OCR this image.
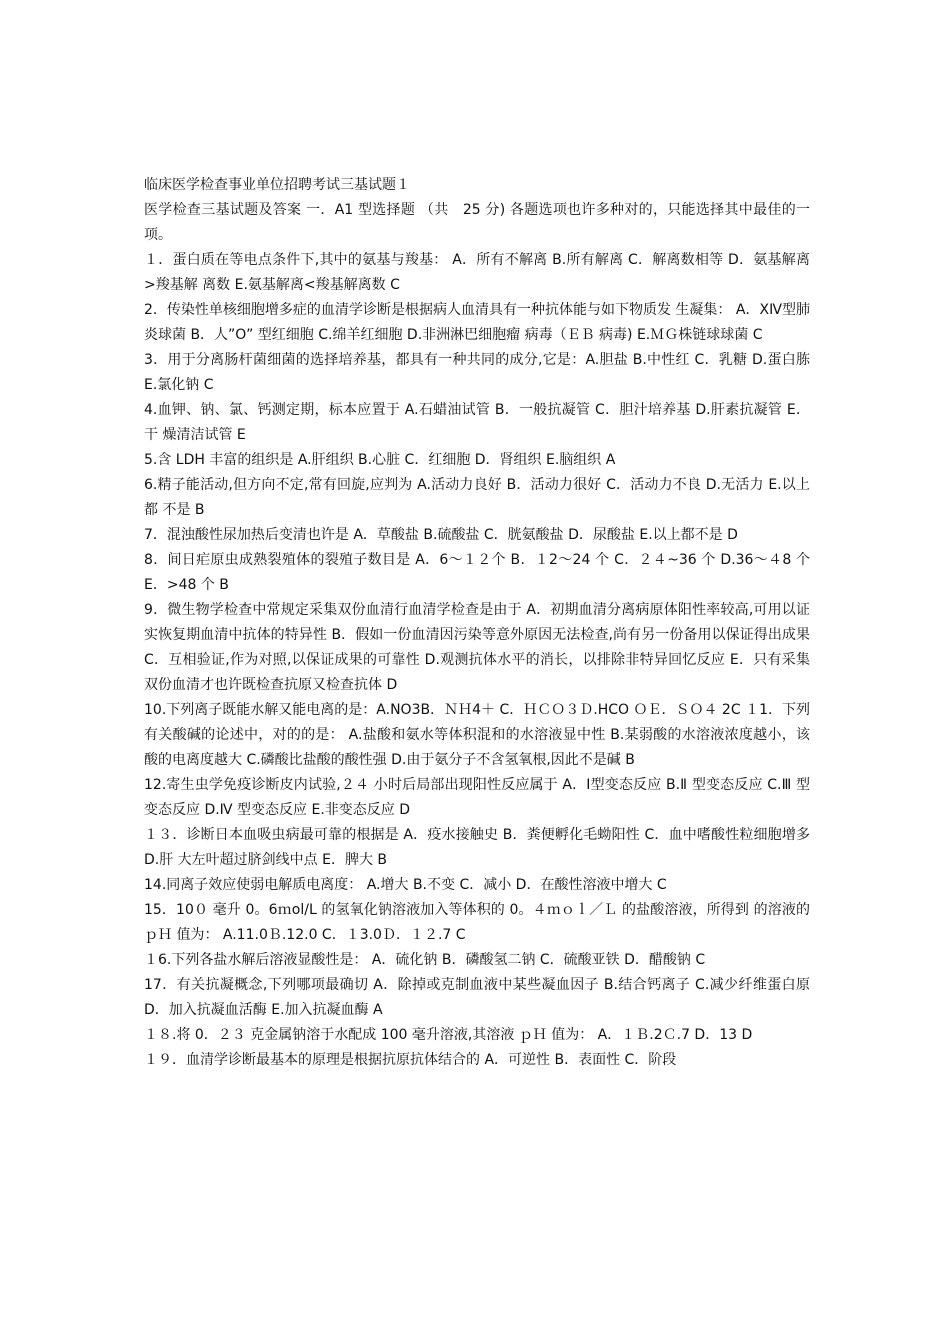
临床医学检查事业单位招聘考试三基试题１

医学检查三基试题及答案 一．A1 型选择题 （共　25 分) 各题选项也许多种对的，只能选择其中最佳的一项。

１．蛋白质在等电点条件下,其中的氨基与羧基： A．所有不解离 B.所有解离 C．解离数相等 D．氨基解离>羧基解 离数 E.氨基解离<羧基解离数 C

2．传染性单核细胞增多症的血清学诊断是根据病人血清具有一种抗体能与如下物质发 生凝集： A．XⅣ型肺炎球菌 B．人”O” 型红细胞 C.绵羊红细胞 D.非洲淋巴细胞瘤 病毒（ＥＢ 病毒) E.ＭＧ株链球球菌 C

3．用于分离肠杆菌细菌的选择培养基，都具有一种共同的成分,它是：A.胆盐 B.中性红 C．乳糖 D.蛋白胨 E.氯化钠 C

4.血钾、钠、氯、钙测定期，标本应置于 A.石蜡油试管 B．一般抗凝管 C．胆汁培养基 D.肝素抗凝管 E．干 燥清洁试管 E

5.含 LDH 丰富的组织是 A.肝组织 B.心脏 C．红细胞 D．肾组织 E.脑组织 A

6.精子能活动,但方向不定,常有回旋,应判为 A.活动力良好 B．活动力很好 C．活动力不良 D.无活力 E.以上都 不是 B

7．混浊酸性尿加热后变清也许是 A．草酸盐 B.硫酸盐 C．胱氨酸盐 D．尿酸盐 E.以上都不是 D

8．间日疟原虫成熟裂殖体的裂殖子数目是 A．6～１２个 B．１2～24 个 C．２４~36 个 D.36～４8 个 E．>48 个 B

9．微生物学检查中常规定采集双份血清行血清学检查是由于 A．初期血清分离病原体阳性率较高,可用以证实恢复期血清中抗体的特异性 B．假如一份血清因污染等意外原因无法检查,尚有另一份备用以保证得出成果 C．互相验证,作为对照,以保证成果的可靠性 D.观测抗体水平的消长，以排除非特异回忆反应 E．只有采集双份血清才也许既检查抗原又检查抗体 D

10.下列离子既能水解又能电离的是：A.NO3B．ＮＨ4＋ C．ＨＣＯ３Ｄ.HCO ＯＥ．ＳＯ４ 2C １1．下列有关酸碱的论述中，对的的是： A.盐酸和氨水等体积混和的水溶液显中性 B.某弱酸的水溶液浓度越小，该酸的电离度越大 C.磷酸比盐酸的酸性强 D.由于氨分子不含氢氧根,因此不是碱 B

12.寄生虫学免疫诊断皮内试验,２４ 小时后局部出现阳性反应属于 A．Ⅰ型变态反应 B.Ⅱ 型变态反应 C.Ⅲ 型变态反应 D.Ⅳ 型变态反应 E.非变态反应 D

１３．诊断日本血吸虫病最可靠的根据是 A．疫水接触史 B．粪便孵化毛蚴阳性 C．血中嗜酸性粒细胞增多 D.肝 大左叶超过脐剑线中点 E．脾大 B

14.同离子效应使弱电解质电离度： A.增大 B.不变 C．减小 D．在酸性溶液中增大 C

15．10０ 毫升 0。6ｍol/L 的氢氧化钠溶液加入等体积的 0。４ｍｏｌ／Ｌ 的盐酸溶液，所得到 的溶液的 ｐＨ 值为： A.11.0Ｂ.12.0 C．１3.0Ｄ．１２.7 C

１6.下列各盐水解后溶液显酸性是： A．硫化钠 B．磷酸氢二钠 C．硫酸亚铁 D．醋酸钠 C

17．有关抗凝概念,下列哪项最确切 A．除掉或克制血液中某些凝血因子 B.结合钙离子 C.减少纤维蛋白原 D．加入抗凝血活酶 E.加入抗凝血酶 A

１８.将 0．２３ 克金属钠溶于水配成 100 毫升溶液,其溶液 ｐＨ 值为： A．１Ｂ.2Ｃ.7 D．13 D

１９．血清学诊断最基本的原理是根据抗原抗体结合的 A．可逆性 B．表面性 C．阶段
